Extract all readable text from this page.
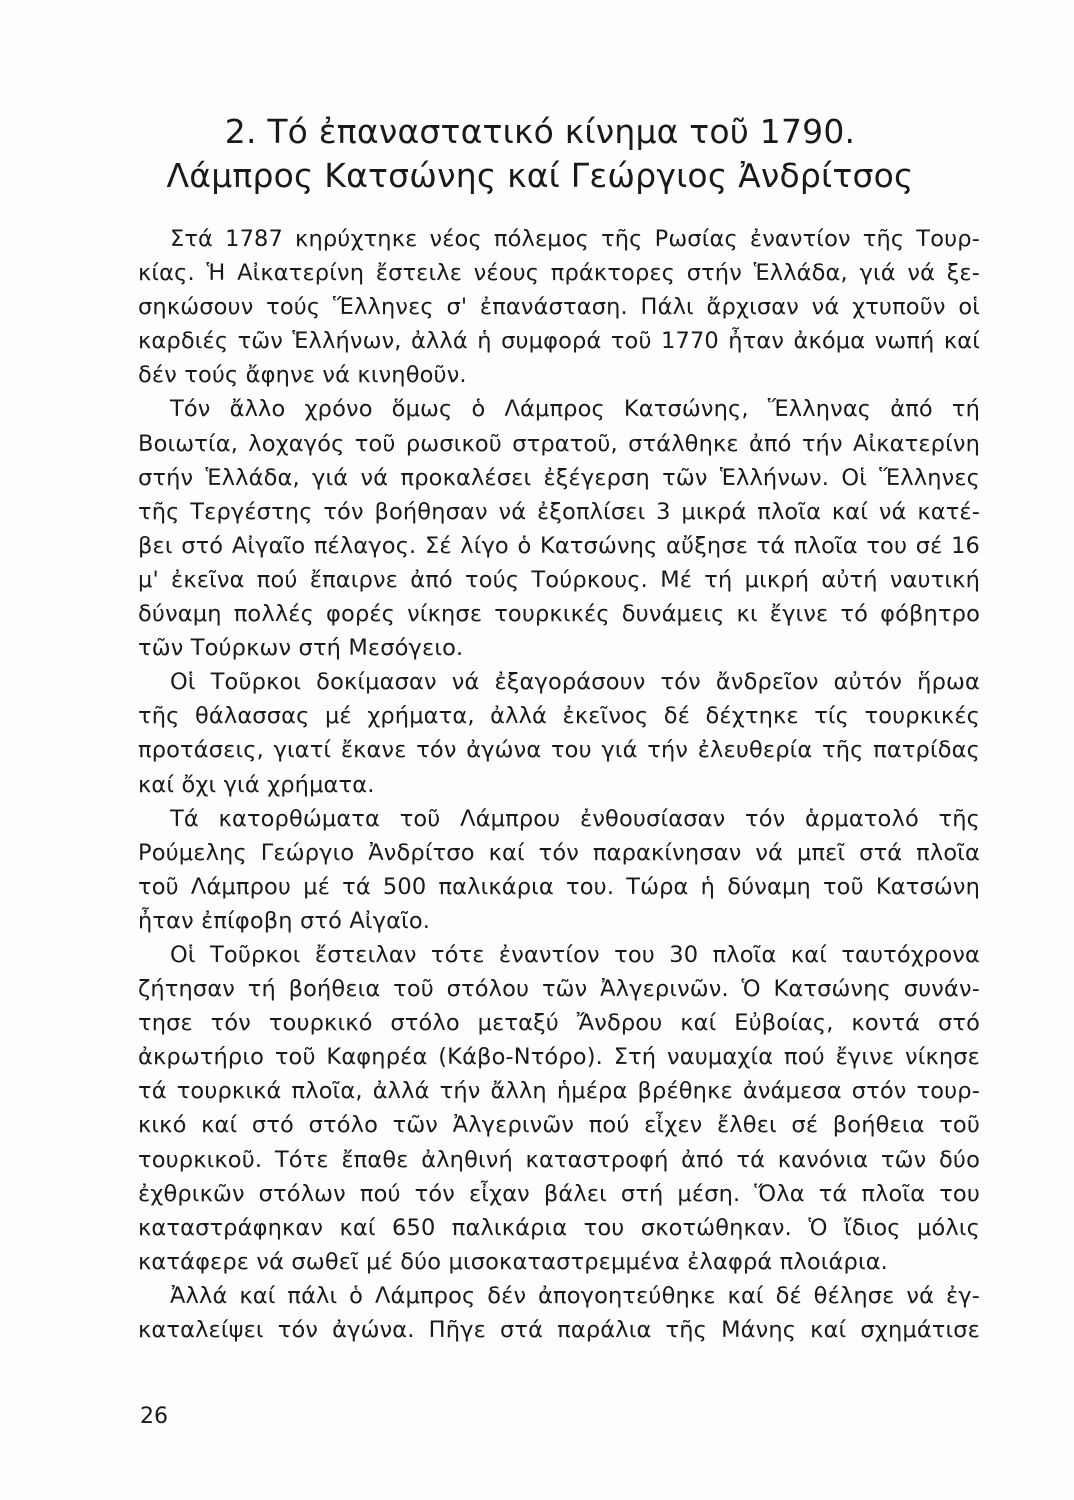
2. Τό ἐπαναστατικό κίνημα τοῦ 1790.
Λάμπρος Κατσώνης καί Γεώργιος Ἀνδρίτσος

Στά 1787 κηρύχτηκε νέος πόλεμος τῆς Ρωσίας ἐναντίον τῆς Τουρ-
κίας. Ἡ Αἰκατερίνη ἔστειλε νέους πράκτορες στήν Ἑλλάδα, γιά νά ξε-
σηκώσουν τούς Ἕλληνες σ' ἐπανάσταση. Πάλι ἄρχισαν νά χτυποῦν οἱ
καρδιές τῶν Ἑλλήνων, ἀλλά ἡ συμφορά τοῦ 1770 ἦταν ἀκόμα νωπή καί
δέν τούς ἄφηνε νά κινηθοῦν.

Τόν ἄλλο χρόνο ὅμως ὁ Λάμπρος Κατσώνης, Ἕλληνας ἀπό τή
Βοιωτία, λοχαγός τοῦ ρωσικοῦ στρατοῦ, στάλθηκε ἀπό τήν Αἰκατερίνη
στήν Ἑλλάδα, γιά νά προκαλέσει ἐξέγερση τῶν Ἑλλήνων. Οἱ Ἕλληνες
τῆς Τεργέστης τόν βοήθησαν νά ἐξοπλίσει 3 μικρά πλοῖα καί νά κατέ-
βει στό Αἰγαῖο πέλαγος. Σέ λίγο ὁ Κατσώνης αὔξησε τά πλοῖα του σέ 16
μ' ἐκεῖνα πού ἔπαιρνε ἀπό τούς Τούρκους. Μέ τή μικρή αὐτή ναυτική
δύναμη πολλές φορές νίκησε τουρκικές δυνάμεις κι ἔγινε τό φόβητρο
τῶν Τούρκων στή Μεσόγειο.

Οἱ Τοῦρκοι δοκίμασαν νά ἐξαγοράσουν τόν ἄνδρεῖον αὐτόν ἥρωα
τῆς θάλασσας μέ χρήματα, ἀλλά ἐκεῖνος δέ δέχτηκε τίς τουρκικές
προτάσεις, γιατί ἔκανε τόν ἀγώνα του γιά τήν ἐλευθερία τῆς πατρίδας
καί ὄχι γιά χρήματα.

Τά κατορθώματα τοῦ Λάμπρου ἐνθουσίασαν τόν ἁρματολό τῆς
Ρούμελης Γεώργιο Ἀνδρίτσο καί τόν παρακίνησαν νά μπεῖ στά πλοῖα
τοῦ Λάμπρου μέ τά 500 παλικάρια του. Τώρα ἡ δύναμη τοῦ Κατσώνη
ἦταν ἐπίφοβη στό Αἰγαῖο.

Οἱ Τοῦρκοι ἔστειλαν τότε ἐναντίον του 30 πλοῖα καί ταυτόχρονα
ζήτησαν τή βοήθεια τοῦ στόλου τῶν Ἀλγερινῶν. Ὁ Κατσώνης συνάν-
τησε τόν τουρκικό στόλο μεταξύ Ἄνδρου καί Εὐβοίας, κοντά στό
ἀκρωτήριο τοῦ Καφηρέα (Κάβο-Ντόρο). Στή ναυμαχία πού ἔγινε νίκησε
τά τουρκικά πλοῖα, ἀλλά τήν ἄλλη ἡμέρα βρέθηκε ἀνάμεσα στόν τουρ-
κικό καί στό στόλο τῶν Ἀλγερινῶν πού εἶχεν ἔλθει σέ βοήθεια τοῦ
τουρκικοῦ. Τότε ἔπαθε ἀληθινή καταστροφή ἀπό τά κανόνια τῶν δύο
ἐχθρικῶν στόλων πού τόν εἶχαν βάλει στή μέση. Ὅλα τά πλοῖα του
καταστράφηκαν καί 650 παλικάρια του σκοτώθηκαν. Ὁ ἴδιος μόλις
κατάφερε νά σωθεῖ μέ δύο μισοκαταστρεμμένα ἐλαφρά πλοιάρια.

Ἀλλά καί πάλι ὁ Λάμπρος δέν ἀπογοητεύθηκε καί δέ θέλησε νά ἐγ-
καταλείψει τόν ἀγώνα. Πῆγε στά παράλια τῆς Μάνης καί σχημάτισε

26
